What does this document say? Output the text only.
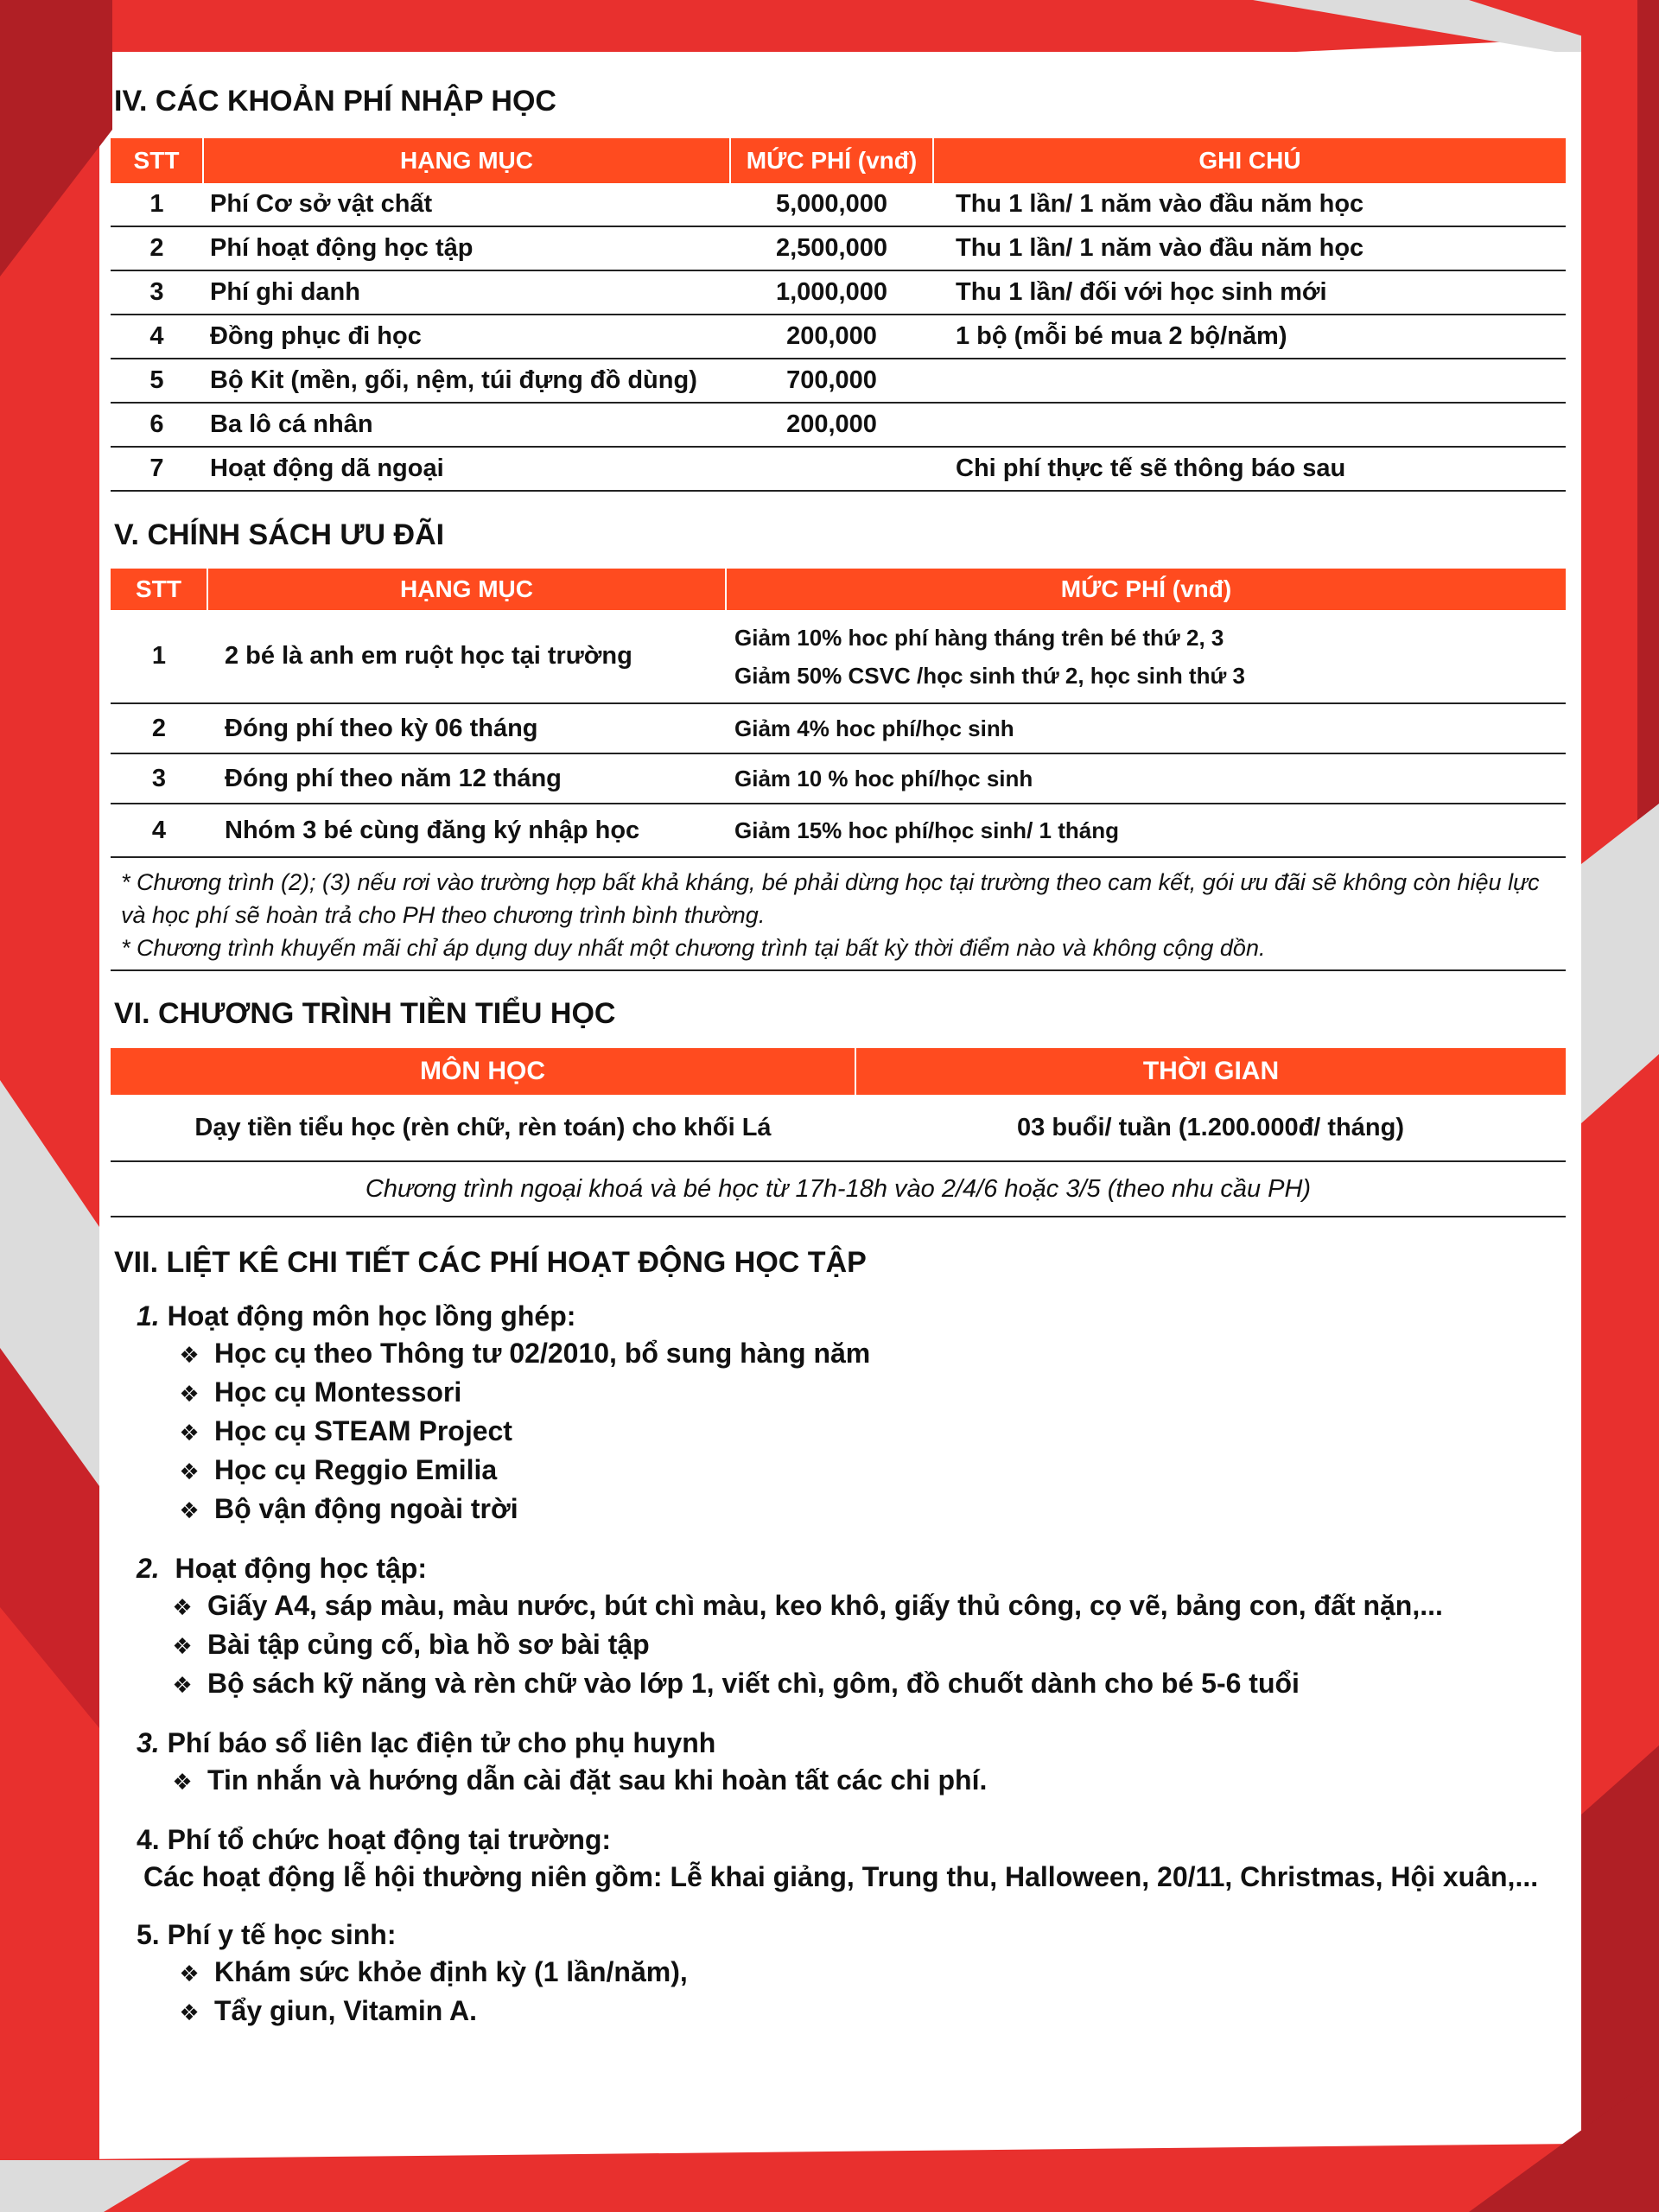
IV. CÁC KHOẢN PHÍ NHẬP HỌC
STT	HẠNG MỤC	MỨC PHÍ (vnđ)	GHI CHÚ
1	Phí Cơ sở vật chất	5,000,000	Thu 1 lần/ 1 năm vào đầu năm học
2	Phí hoạt động học tập	2,500,000	Thu 1 lần/ 1 năm vào đầu năm học
3	Phí ghi danh	1,000,000	Thu 1 lần/ đối với học sinh mới
4	Đồng phục đi học	200,000	1 bộ (mỗi bé mua 2 bộ/năm)
5	Bộ Kit (mền, gối, nệm, túi đựng đồ dùng)	700,000	
6	Ba lô cá nhân	200,000	
7	Hoạt động dã ngoại		Chi phí thực tế sẽ thông báo sau
V. CHÍNH SÁCH ƯU ĐÃI
STT	HẠNG MỤC	MỨC PHÍ (vnđ)
1	2 bé là anh em ruột học tại trường	Giảm 10% hoc phí hàng tháng trên bé thứ 2, 3
Giảm 50% CSVC /học sinh thứ 2, học sinh thứ 3

2	Đóng phí theo kỳ 06 tháng	Giảm 4% hoc phí/học sinh
3	Đóng phí theo năm 12 tháng	Giảm 10 % hoc phí/học sinh
4	Nhóm 3 bé cùng đăng ký nhập học	Giảm 15% hoc phí/học sinh/ 1 tháng
* Chương trình (2); (3) nếu rơi vào trường hợp bất khả kháng, bé phải dừng học tại trường theo cam kết, gói ưu đãi sẽ không còn hiệu lực và học phí sẽ hoàn trả cho PH theo chương trình bình thường.
* Chương trình khuyến mãi chỉ áp dụng duy nhất một chương trình tại bất kỳ thời điểm nào và không cộng dồn.
VI. CHƯƠNG TRÌNH TIỀN TIỂU HỌC
MÔN HỌC	THỜI GIAN
Dạy tiền tiểu học (rèn chữ, rèn toán) cho khối Lá	03 buổi/ tuần (1.200.000đ/ tháng)
Chương trình ngoại khoá và bé học từ 17h-18h vào 2/4/6 hoặc 3/5 (theo nhu cầu PH)	
VII. LIỆT KÊ CHI TIẾT CÁC PHÍ HOẠT ĐỘNG HỌC TẬP
1. Hoạt động môn học lồng ghép:
❖ Học cụ theo Thông tư 02/2010, bổ sung hàng năm
❖ Học cụ Montessori
❖ Học cụ STEAM Project
❖ Học cụ Reggio Emilia
❖ Bộ vận động ngoài trời
2. Hoạt động học tập:
❖ Giấy A4, sáp màu, màu nước, bút chì màu, keo khô, giấy thủ công, cọ vẽ, bảng con, đất nặn,...
❖ Bài tập củng cố, bìa hồ sơ bài tập
❖ Bộ sách kỹ năng và rèn chữ vào lớp 1, viết chì, gôm, đồ chuốt dành cho bé 5-6 tuổi
3. Phí báo sổ liên lạc điện tử cho phụ huynh
❖ Tin nhắn và hướng dẫn cài đặt sau khi hoàn tất các chi phí.
4. Phí tổ chức hoạt động tại trường:
Các hoạt động lễ hội thường niên gồm: Lễ khai giảng, Trung thu, Halloween, 20/11, Christmas, Hội xuân,...
5. Phí y tế học sinh:
❖ Khám sức khỏe định kỳ (1 lần/năm),
❖ Tẩy giun, Vitamin A.
